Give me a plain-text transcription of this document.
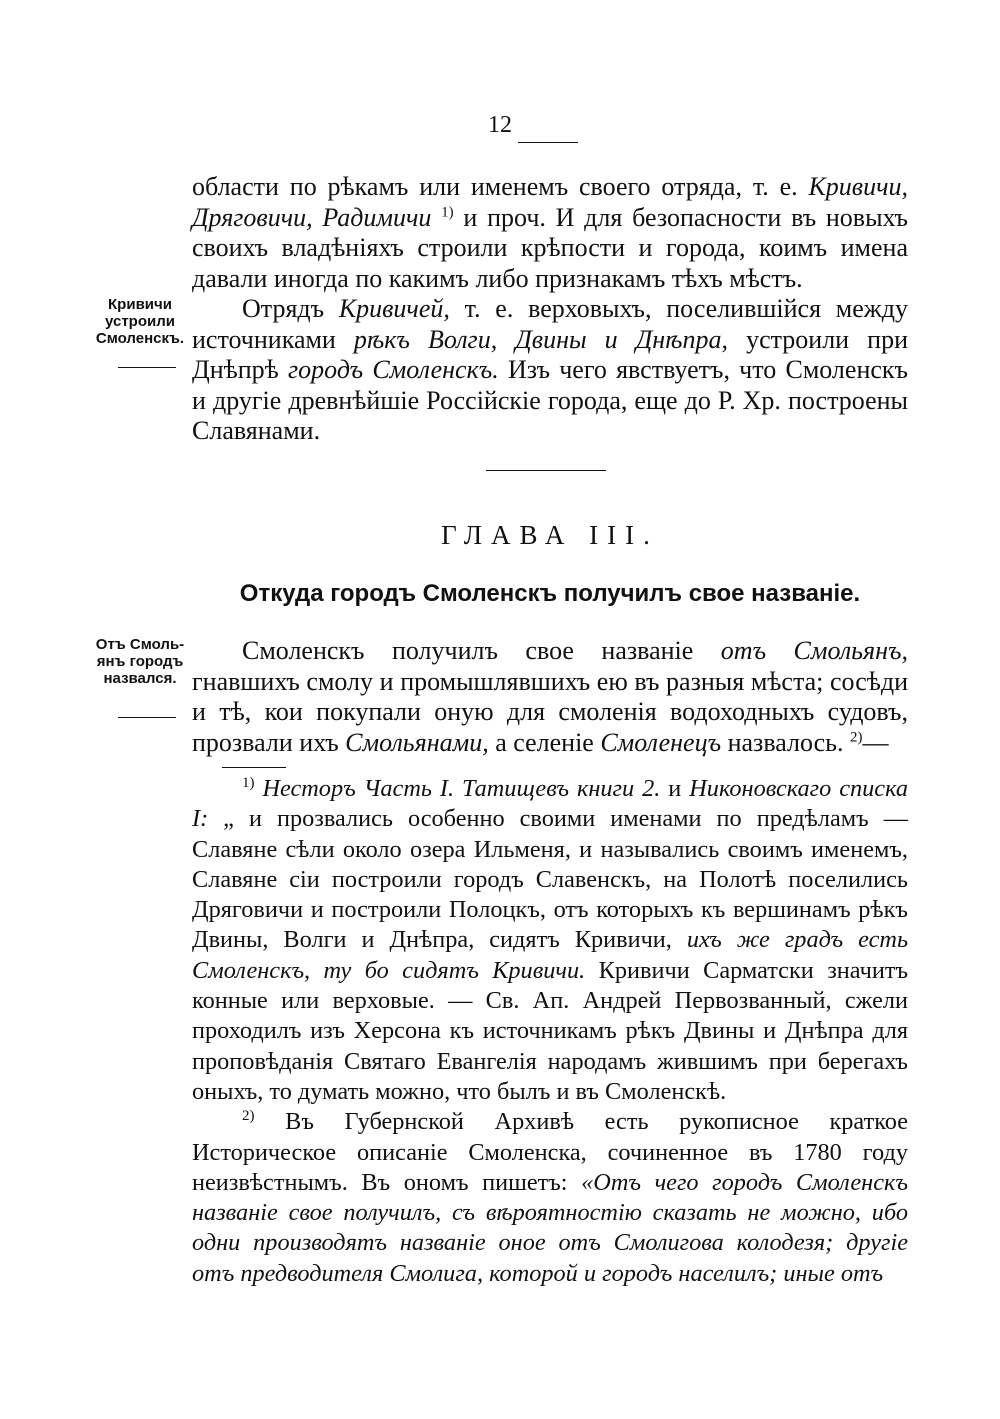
12
Кривичи устроили Смоленскъ.
Отъ Смоль-янъ городъ назвался.

области по рѣкамъ или именемъ своего отряда, т. е. Кривичи, Дряговичи, Радимичи $^{1)}$ и проч. И для безопасности въ новыхъ своихъ владѣніяхъ строили крѣпости и города, коимъ имена давали иногда по какимъ либо признакамъ тѣхъ мѣстъ.

Отрядъ Кривичей, т. е. верховыхъ, поселившійся между источниками рѣкъ Волги, Двины и Днѣпра, устроили при Днѣпрѣ городъ Смоленскъ. Изъ чего явствуетъ, что Смоленскъ и другіе древнѣйшіе Россійскіе города, еще до Р. Хр. построены Славянами.

ГЛАВА III.
Откуда городъ Смоленскъ получилъ свое названіе.

Смоленскъ получилъ свое названіе отъ Смольянъ, гнавшихъ смолу и промышлявшихъ ею въ разныя мѣста; сосѣди и тѣ, кои покупали оную для смоленія водоходныхъ судовъ, прозвали ихъ Смольянами, а селеніе Смоленецъ назвалось. $^{2)}$—

$^{1)}$ Несторъ Часть I. Татищевъ книги 2. и Никоновскаго списка I: „ и прозвались особенно своими именами по предѣламъ — Славяне сѣли около озера Ильменя, и назывались своимъ именемъ, Славяне сіи построили городъ Славенскъ, на Полотѣ поселились Дряговичи и построили Полоцкъ, отъ которыхъ къ вершинамъ рѣкъ Двины, Волги и Днѣпра, сидятъ Кривичи, ихъ же градъ есть Смоленскъ, ту бо сидятъ Кривичи. Кривичи Сарматски значитъ конные или верховые. — Св. Ап. Андрей Первозванный, сжели проходилъ изъ Херсона къ источникамъ рѣкъ Двины и Днѣпра для проповѣданія Святаго Евангелія народамъ жившимъ при берегахъ оныхъ, то думать можно, что былъ и въ Смоленскѣ.

$^{2)}$ Въ Губернской Архивѣ есть рукописное краткое Историческое описаніе Смоленска, сочиненное въ 1780 году неизвѣстнымъ. Въ ономъ пишетъ: «Отъ чего городъ Смоленскъ названіе свое получилъ, съ вѣроятностію сказать не можно, ибо одни производятъ названіе оное отъ Смолигова колодезя; другіе отъ предводителя Смолига, которой и городъ населилъ; иные отъ
